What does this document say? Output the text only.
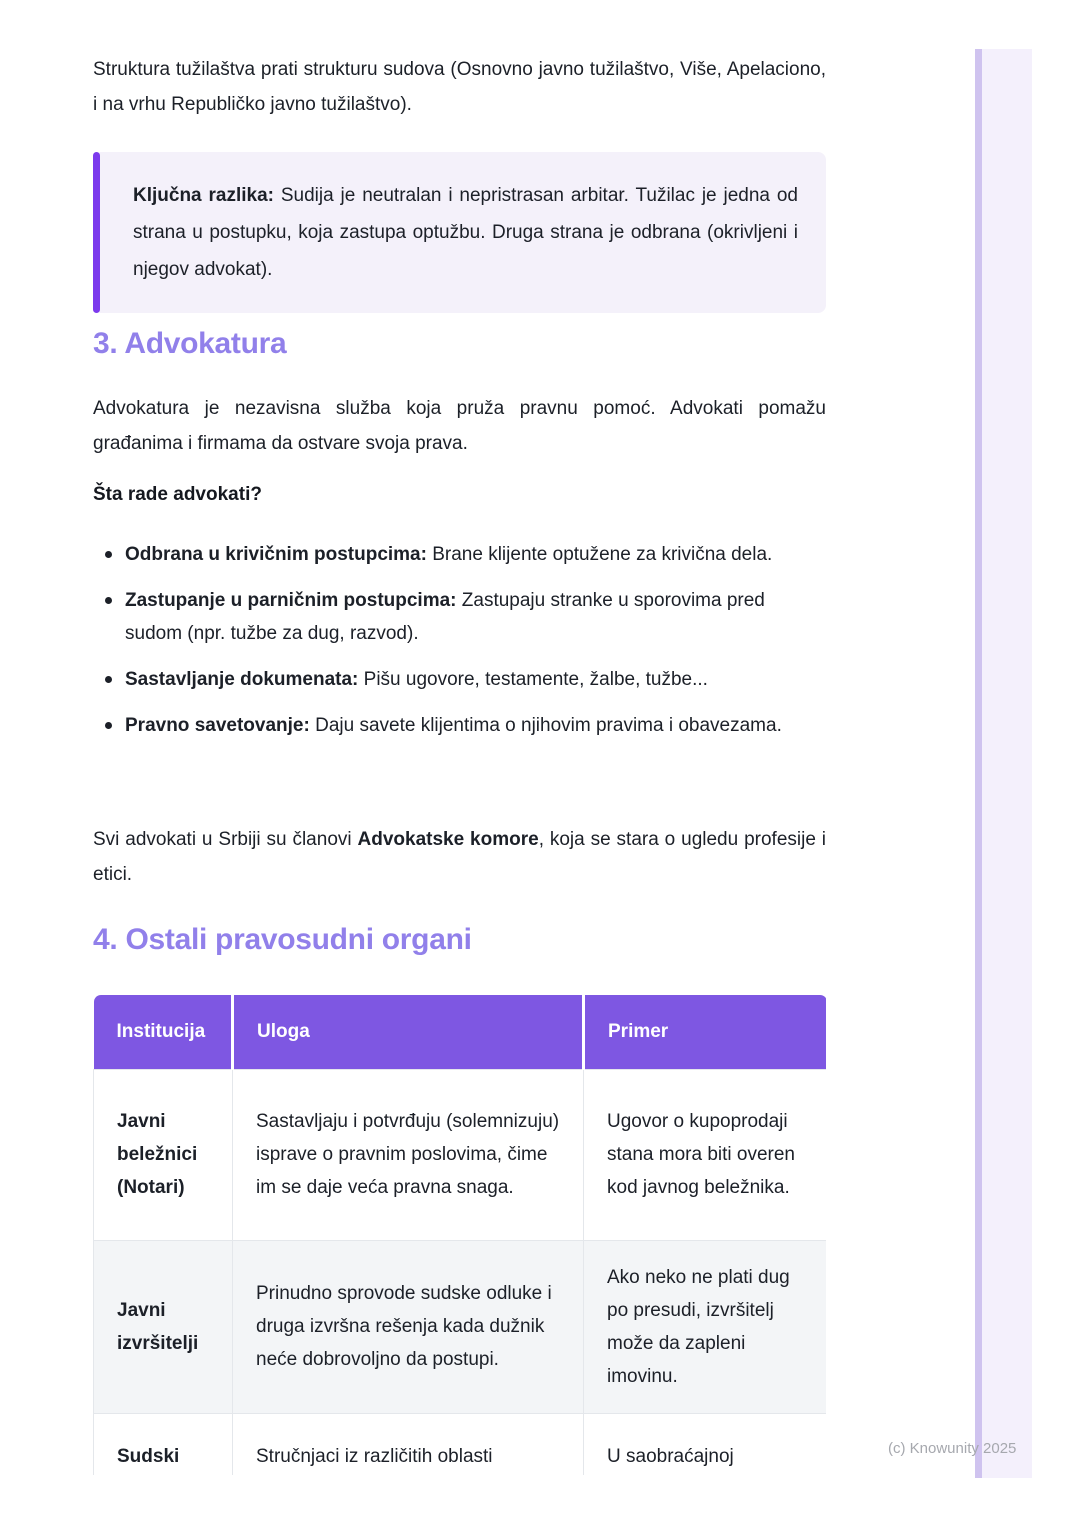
Struktura tužilaštva prati strukturu sudova (Osnovno javno tužilaštvo, Više, Apelaciono, i na vrhu Republičko javno tužilaštvo).

Ključna razlika: Sudija je neutralan i nepristrasan arbitar. Tužilac je jedna od strana u postupku, koja zastupa optužbu. Druga strana je odbrana (okrivljeni i njegov advokat).
3. Advokatura

Advokatura je nezavisna služba koja pruža pravnu pomoć. Advokati pomažu građanima i firmama da ostvare svoja prava.

Šta rade advokati?
Odbrana u krivičnim postupcima: Brane klijente optužene za krivična dela.
Zastupanje u parničnim postupcima: Zastupaju stranke u sporovima pred sudom (npr. tužbe za dug, razvod).
Sastavljanje dokumenata: Pišu ugovore, testamente, žalbe, tužbe...
Pravno savetovanje: Daju savete klijentima o njihovim pravima i obavezama.

Svi advokati u Srbiji su članovi Advokatske komore, koja se stara o ugledu profesije i etici.

4. Ostali pravosudni organi
Institucija	Uloga	Primer
Javni beležnici (Notari)	Sastavljaju i potvrđuju (solemnizuju) isprave o pravnim poslovima, čime im se daje veća pravna snaga.	Ugovor o kupoprodaji stana mora biti overen kod javnog beležnika.
Javni izvršitelji	Prinudno sprovode sudske odluke i druga izvršna rešenja kada dužnik neće dobrovoljno da postupi.	Ako neko ne plati dug po presudi, izvršitelj može da zapleni imovinu.
Sudski	Stručnjaci iz različitih oblasti	U saobraćajnoj	(c) Knowunity 2025
